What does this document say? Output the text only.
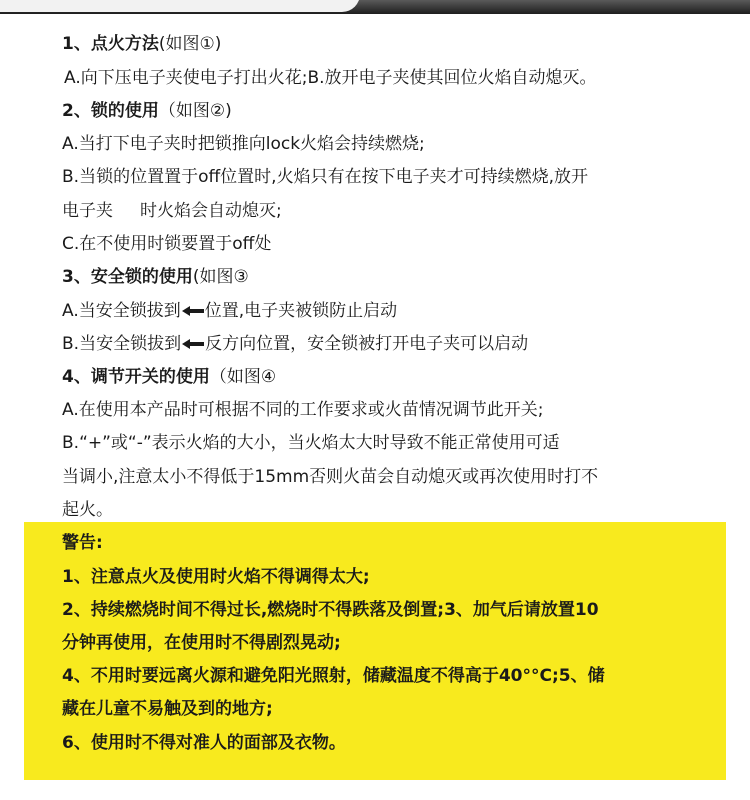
1、点火方法(如图①)
A.向下压电子夹使电子打出火花;B.放开电子夹使其回位火焰自动熄灭。
2、锁的使用（如图②)
A.当打下电子夹时把锁推向lock火焰会持续燃烧;
B.当锁的位置置于off位置时,火焰只有在按下电子夹才可持续燃烧,放开
电子夹     时火焰会自动熄灭;
C.在不使用时锁要置于off处
3、安全锁的使用(如图③
A.当安全锁拔到 位置,电子夹被锁防止启动
B.当安全锁拔到 反方向位置，安全锁被打开电子夹可以启动
4、调节开关的使用（如图④
A.在使用本产品时可根据不同的工作要求或火苗情况调节此开关;
B.“+”或“-”表示火焰的大小，当火焰太大时导致不能正常使用可适
当调小,注意太小不得低于15mm否则火苗会自动熄灭或再次使用时打不
起火。
警告:
1、注意点火及使用时火焰不得调得太大;
2、持续燃烧时间不得过长,燃烧时不得跌落及倒置;3、加气后请放置10
分钟再使用，在使用时不得剧烈晃动;
4、不用时要远离火源和避免阳光照射，储藏温度不得高于40°°C;5、储
藏在儿童不易触及到的地方;
6、使用时不得对准人的面部及衣物。
